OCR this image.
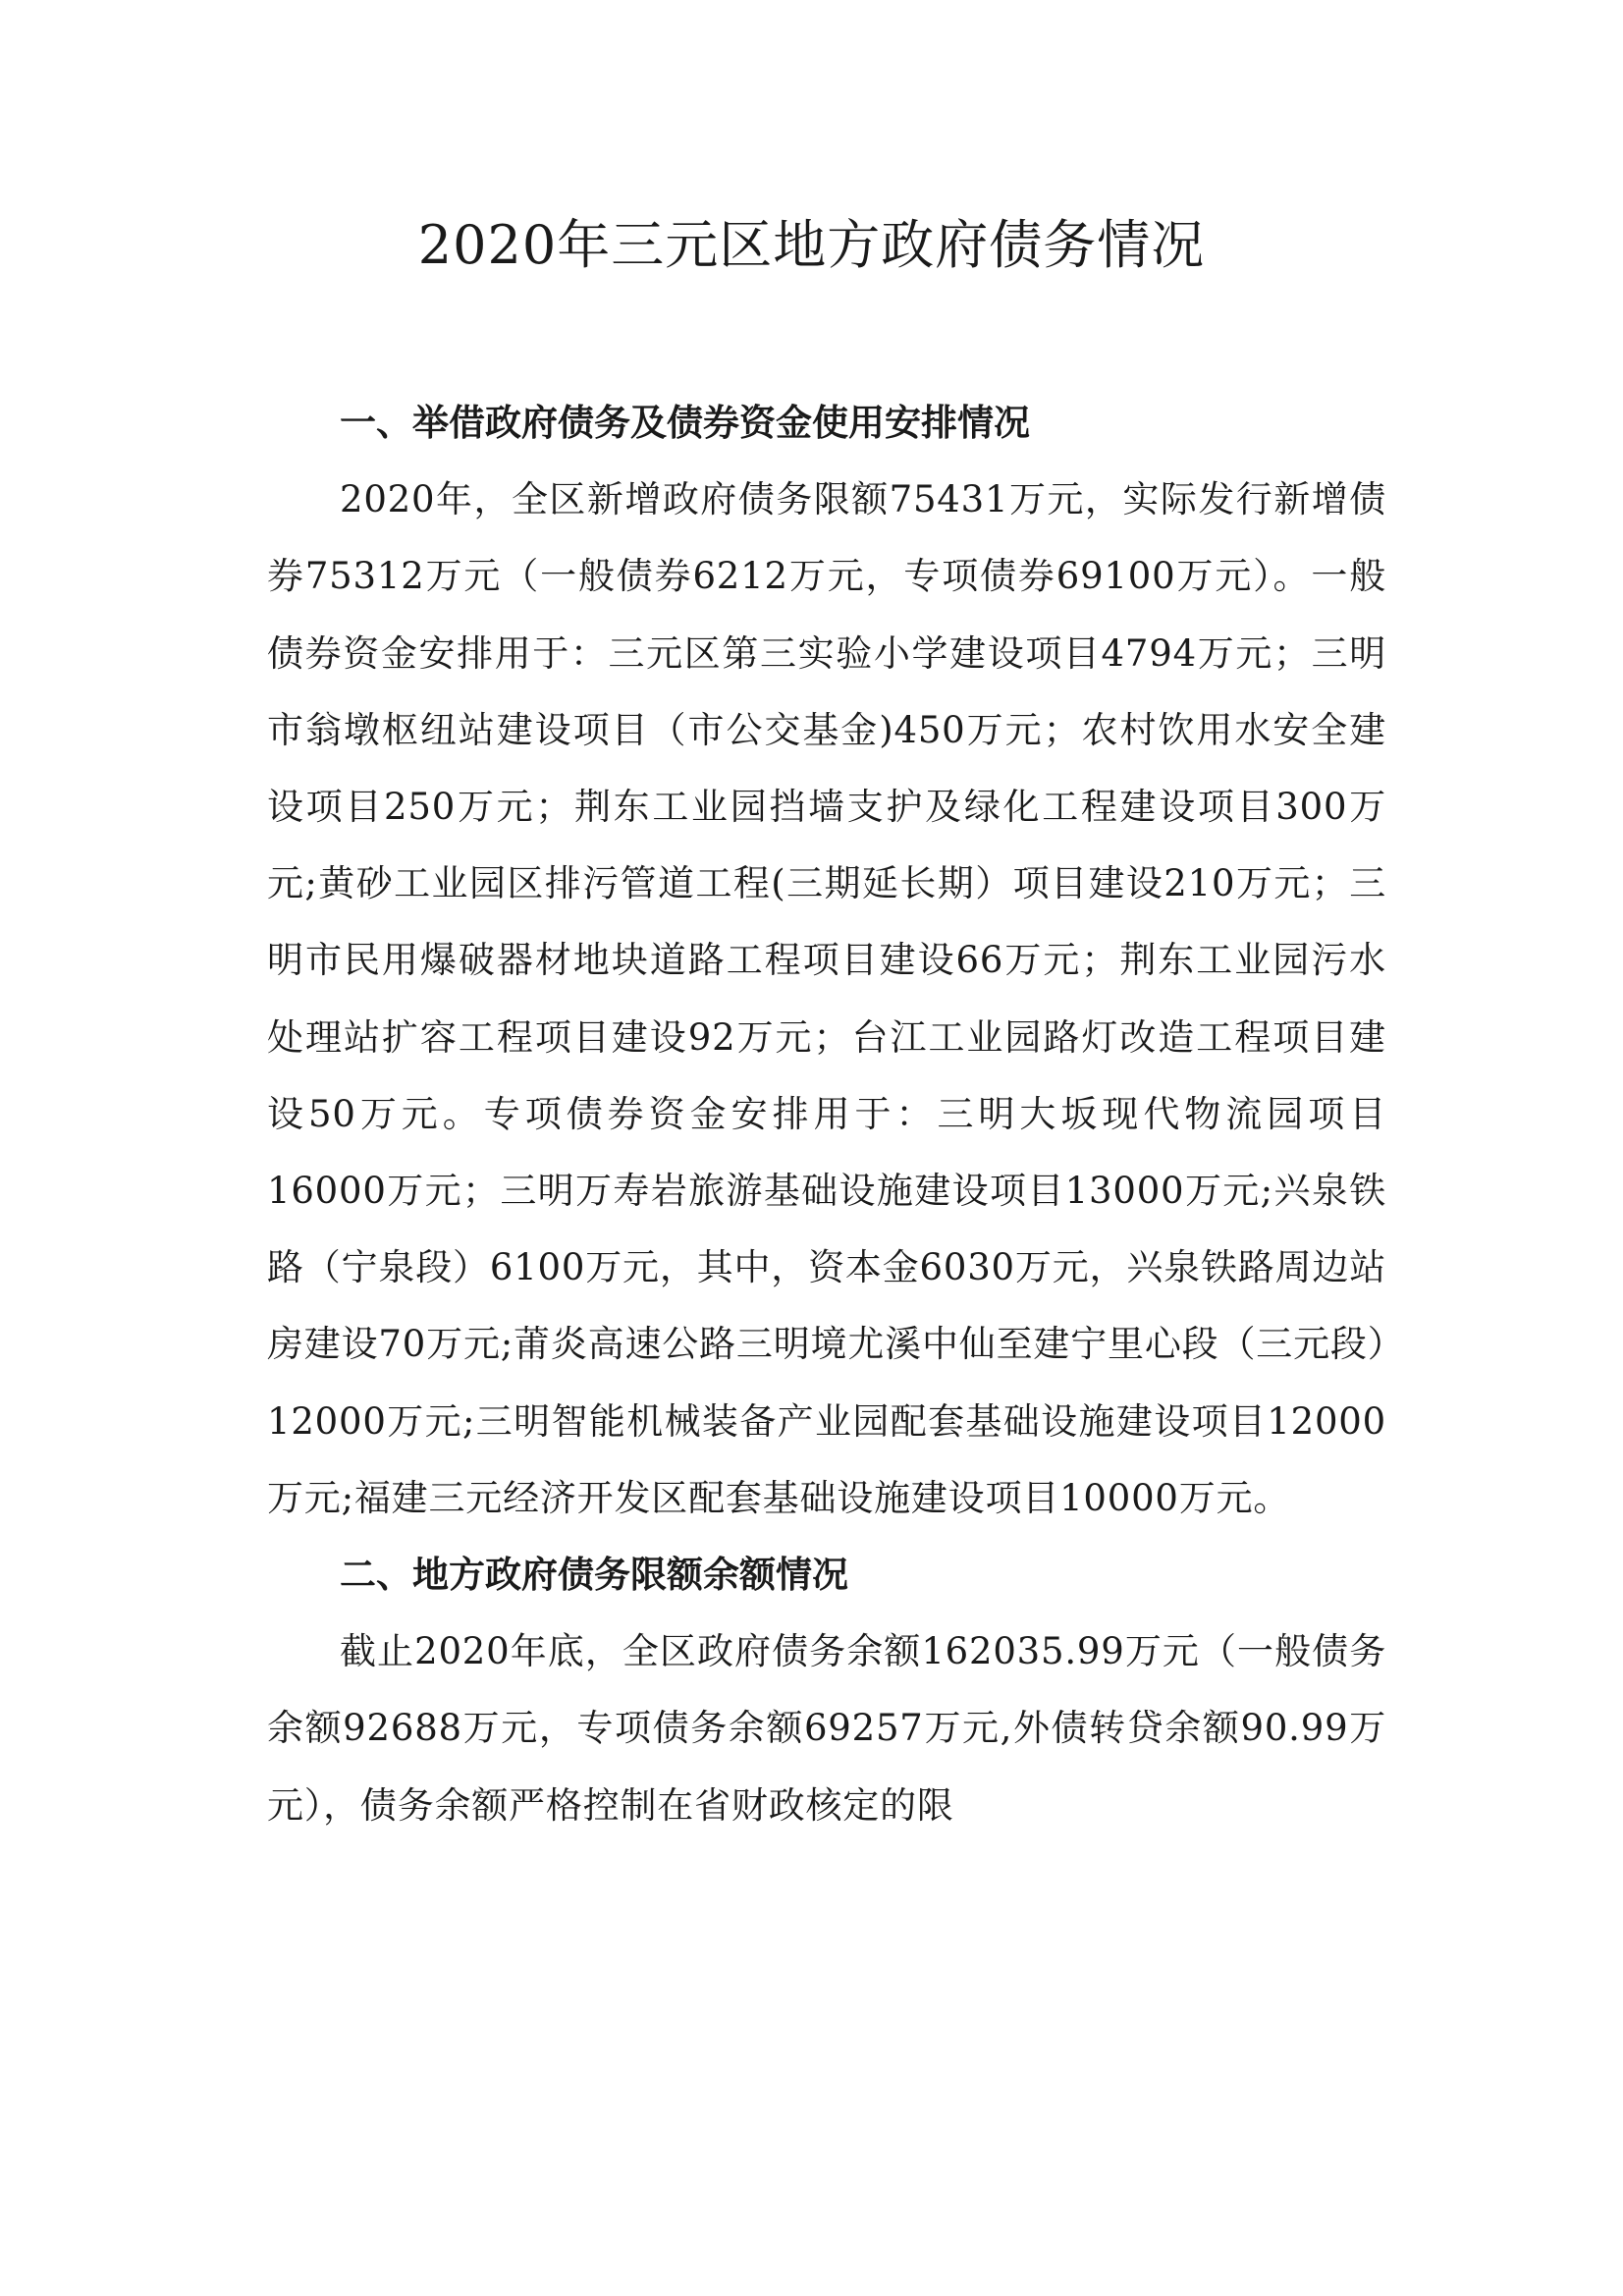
2020年三元区地方政府债务情况
一、举借政府债务及债券资金使用安排情况

2020年，全区新增政府债务限额75431万元，实际发行新增债券75312万元（一般债券6212万元，专项债券69100万元）。一般债券资金安排用于：三元区第三实验小学建设项目4794万元；三明市翁墩枢纽站建设项目（市公交基金)450万元；农村饮用水安全建设项目250万元；荆东工业园挡墙支护及绿化工程建设项目300万元;黄砂工业园区排污管道工程(三期延长期）项目建设210万元；三明市民用爆破器材地块道路工程项目建设66万元；荆东工业园污水处理站扩容工程项目建设92万元；台江工业园路灯改造工程项目建设50万元。专项债券资金安排用于：三明大坂现代物流园项目16000万元；三明万寿岩旅游基础设施建设项目13000万元;兴泉铁路（宁泉段）6100万元，其中，资本金6030万元，兴泉铁路周边站房建设70万元;莆炎高速公路三明境尤溪中仙至建宁里心段（三元段）12000万元;三明智能机械装备产业园配套基础设施建设项目12000万元;福建三元经济开发区配套基础设施建设项目10000万元。

二、地方政府债务限额余额情况

截止2020年底，全区政府债务余额162035.99万元（一般债务余额92688万元，专项债务余额69257万元,外债转贷余额90.99万元），债务余额严格控制在省财政核定的限
